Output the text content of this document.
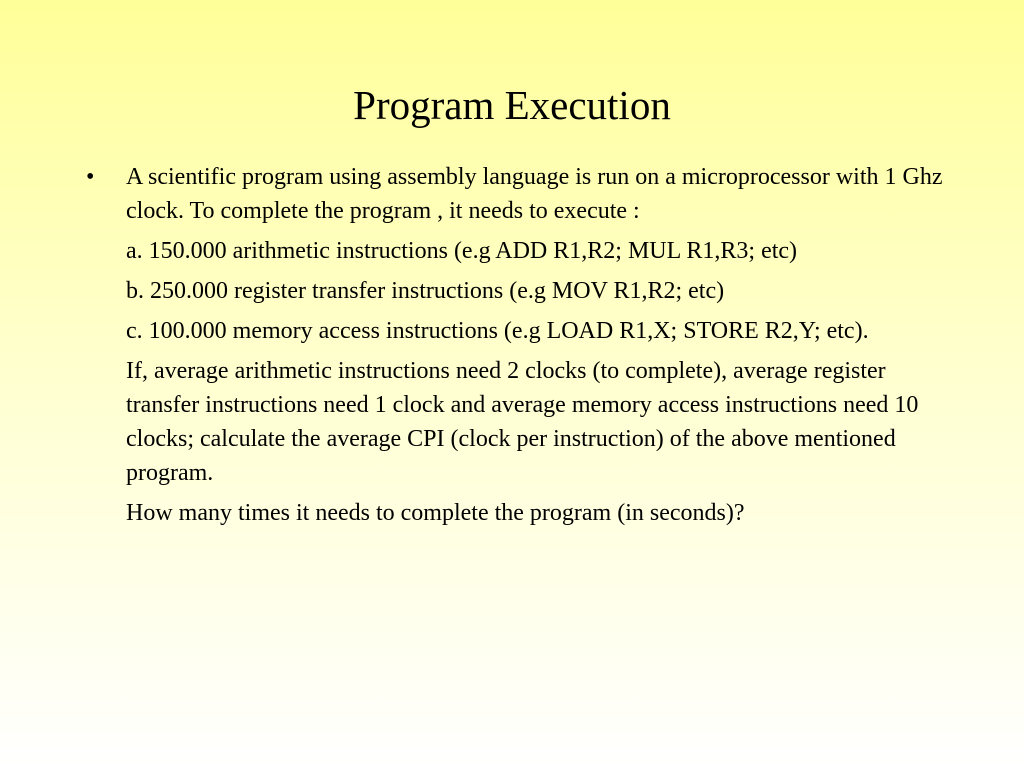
Program Execution
• A scientific program using assembly language is run on a microprocessor with 1 Ghz clock. To complete the program , it needs to execute :

a. 150.000 arithmetic instructions (e.g ADD R1,R2; MUL R1,R3; etc)

b. 250.000 register transfer instructions (e.g MOV R1,R2; etc)

c. 100.000 memory access instructions (e.g LOAD R1,X; STORE R2,Y; etc).

If, average arithmetic instructions need 2 clocks (to complete), average register transfer instructions need 1 clock and average memory access instructions need 10 clocks; calculate the average CPI (clock per instruction) of the above mentioned program.

How many times it needs to complete the program (in seconds)?
